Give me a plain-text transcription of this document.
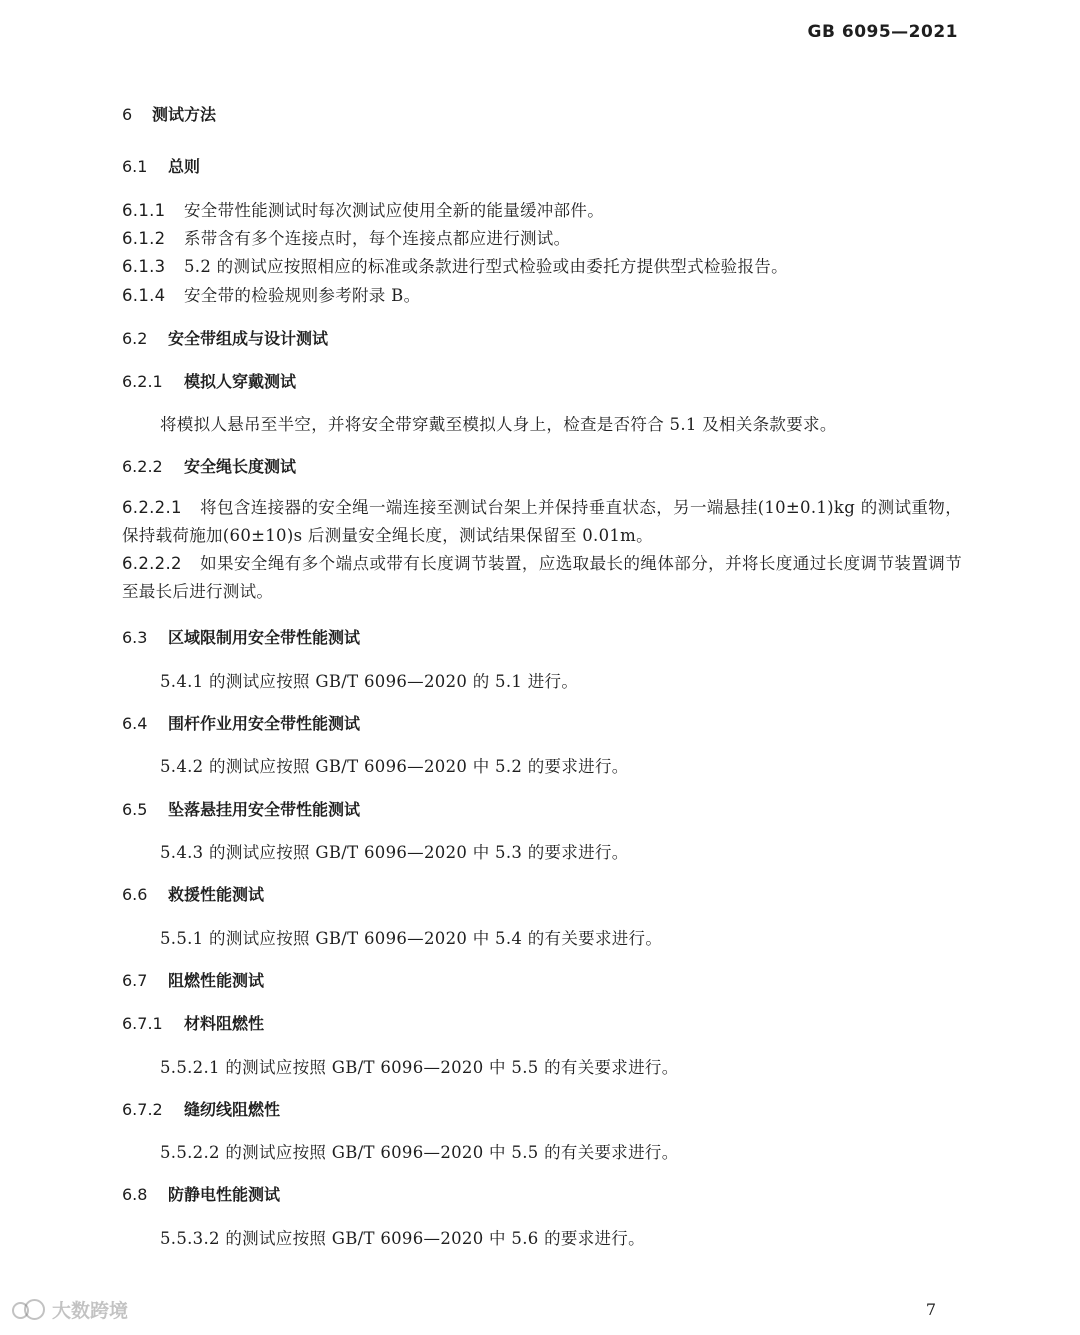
GB 6095—2021
6 测试方法
6.1 总则
6.1.1 安全带性能测试时每次测试应使用全新的能量缓冲部件。
6.1.2 系带含有多个连接点时，每个连接点都应进行测试。
6.1.3 5.2 的测试应按照相应的标准或条款进行型式检验或由委托方提供型式检验报告。
6.1.4 安全带的检验规则参考附录 B。
6.2 安全带组成与设计测试
6.2.1 模拟人穿戴测试
将模拟人悬吊至半空，并将安全带穿戴至模拟人身上，检查是否符合 5.1 及相关条款要求。
6.2.2 安全绳长度测试
6.2.2.1 将包含连接器的安全绳一端连接至测试台架上并保持垂直状态，另一端悬挂(10±0.1)kg 的测试重物，保持载荷施加(60±10)s 后测量安全绳长度，测试结果保留至 0.01m。
6.2.2.2 如果安全绳有多个端点或带有长度调节装置，应选取最长的绳体部分，并将长度通过长度调节装置调节至最长后进行测试。
6.3 区域限制用安全带性能测试
5.4.1 的测试应按照 GB/T 6096—2020 的 5.1 进行。
6.4 围杆作业用安全带性能测试
5.4.2 的测试应按照 GB/T 6096—2020 中 5.2 的要求进行。
6.5 坠落悬挂用安全带性能测试
5.4.3 的测试应按照 GB/T 6096—2020 中 5.3 的要求进行。
6.6 救援性能测试
5.5.1 的测试应按照 GB/T 6096—2020 中 5.4 的有关要求进行。
6.7 阻燃性能测试
6.7.1 材料阻燃性
5.5.2.1 的测试应按照 GB/T 6096—2020 中 5.5 的有关要求进行。
6.7.2 缝纫线阻燃性
5.5.2.2 的测试应按照 GB/T 6096—2020 中 5.5 的有关要求进行。
6.8 防静电性能测试
5.5.3.2 的测试应按照 GB/T 6096—2020 中 5.6 的要求进行。
7
大数跨境
